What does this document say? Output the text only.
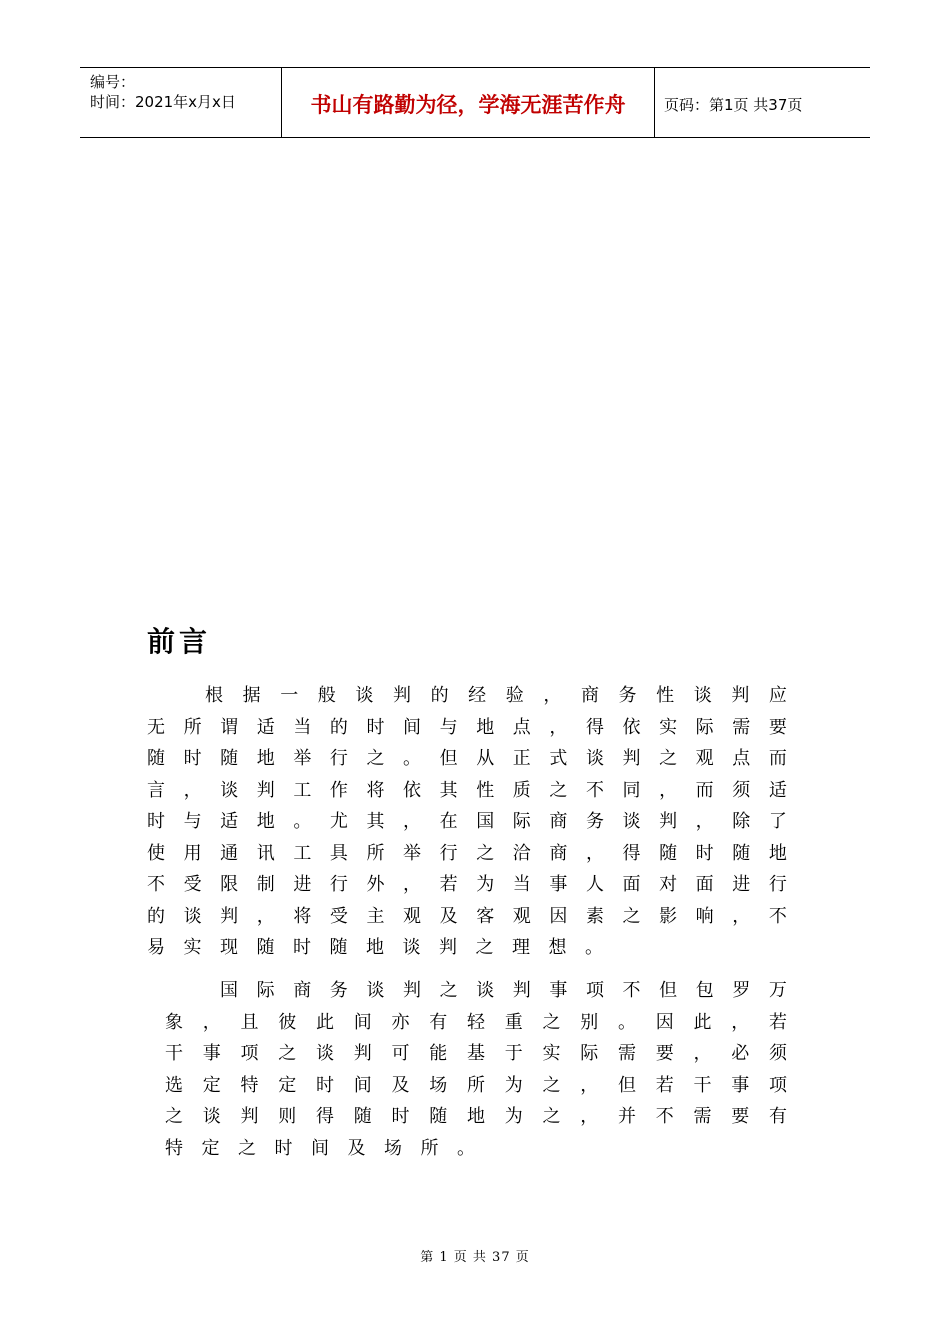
编号：
时间：2021年x月x日	书山有路勤为径，学海无涯苦作舟	页码：第1页 共37页
前言
根 据 一 般 谈 判 的 经 验 ， 商 务 性 谈 判 应
无 所 谓 适 当 的 时 间 与 地 点 ， 得 依 实 际 需 要
随 时 随 地 举 行 之 。 但 从 正 式 谈 判 之 观 点 而
言 ， 谈 判 工 作 将 依 其 性 质 之 不 同 ， 而 须 适
时 与 适 地 。 尤 其 ， 在 国 际 商 务 谈 判 ， 除 了
使 用 通 讯 工 具 所 举 行 之 洽 商 ， 得 随 时 随 地
不 受 限 制 进 行 外 ， 若 为 当 事 人 面 对 面 进 行
的 谈 判 ， 将 受 主 观 及 客 观 因 素 之 影 响 ， 不
易 实 现 随 时 随 地 谈 判 之 理 想 。
国 际 商 务 谈 判 之 谈 判 事 项 不 但 包 罗 万
象 ， 且 彼 此 间 亦 有 轻 重 之 别 。 因 此 ， 若
干 事 项 之 谈 判 可 能 基 于 实 际 需 要 ， 必 须
选 定 特 定 时 间 及 场 所 为 之 ， 但 若 干 事 项
之 谈 判 则 得 随 时 随 地 为 之 ， 并 不 需 要 有
特 定 之 时 间 及 场 所 。
第 1 页 共 37 页
